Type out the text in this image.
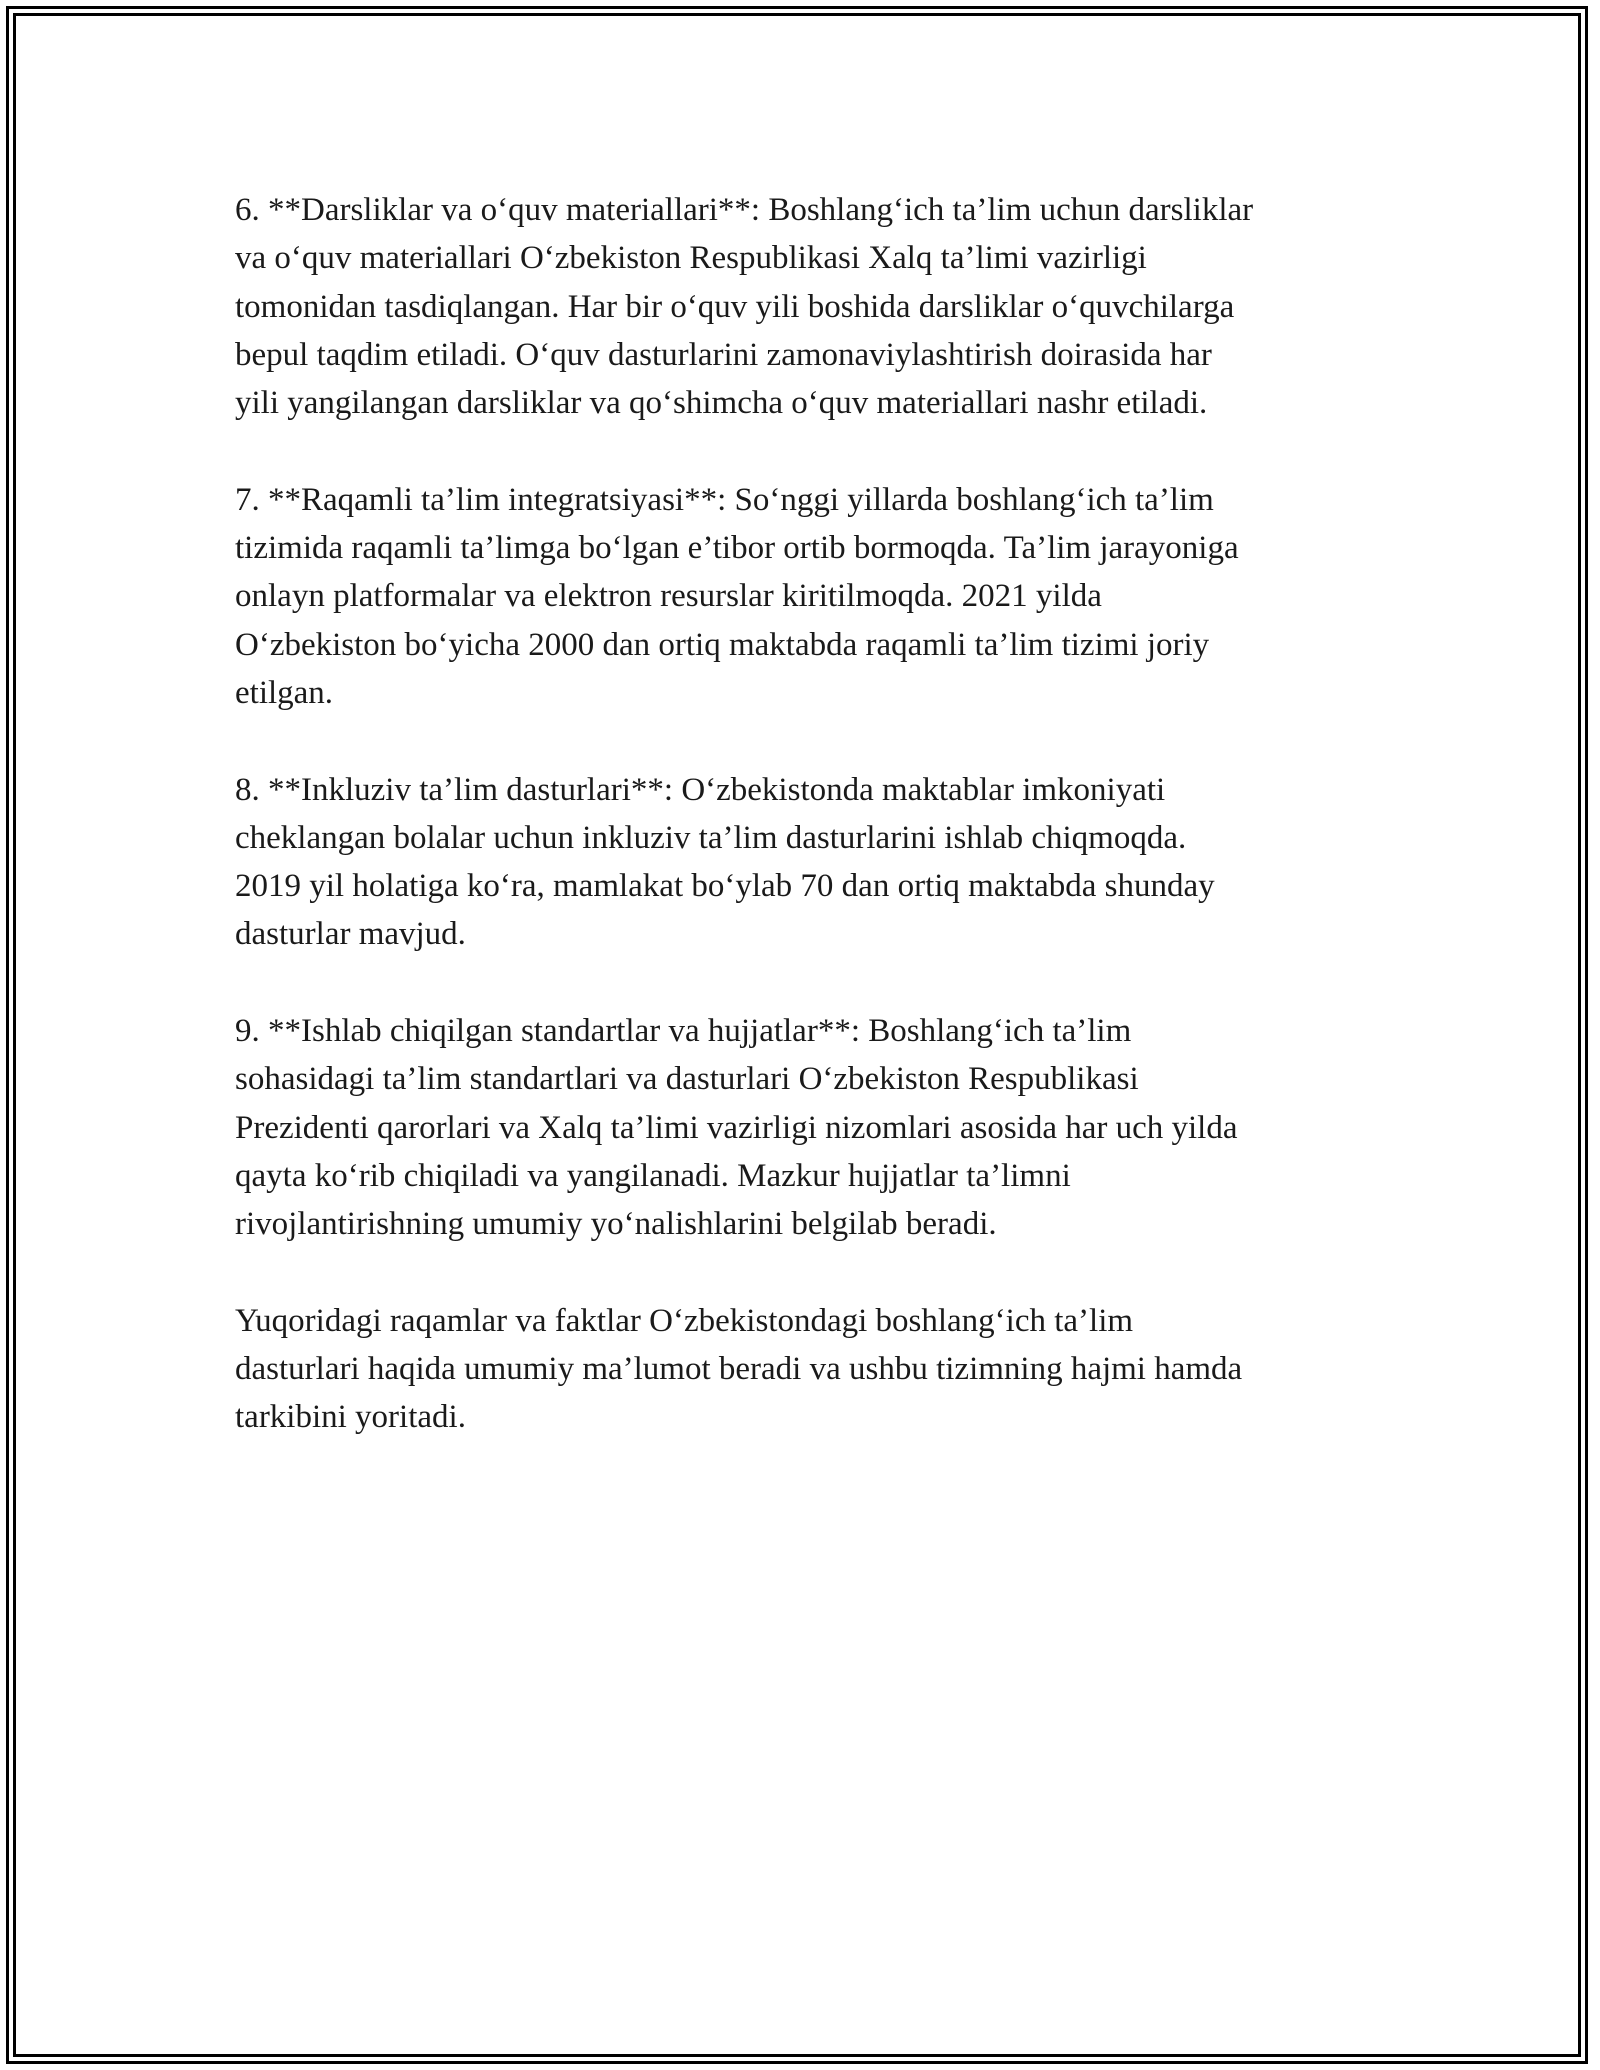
6. **Darsliklar va o‘quv materiallari**: Boshlang‘ich ta’lim uchun darsliklar
va o‘quv materiallari O‘zbekiston Respublikasi Xalq ta’limi vazirligi
tomonidan tasdiqlangan. Har bir o‘quv yili boshida darsliklar o‘quvchilarga
bepul taqdim etiladi. O‘quv dasturlarini zamonaviylashtirish doirasida har
yili yangilangan darsliklar va qo‘shimcha o‘quv materiallari nashr etiladi.

7. **Raqamli ta’lim integratsiyasi**: So‘nggi yillarda boshlang‘ich ta’lim
tizimida raqamli ta’limga bo‘lgan e’tibor ortib bormoqda. Ta’lim jarayoniga
onlayn platformalar va elektron resurslar kiritilmoqda. 2021 yilda
O‘zbekiston bo‘yicha 2000 dan ortiq maktabda raqamli ta’lim tizimi joriy
etilgan.

8. **Inkluziv ta’lim dasturlari**: O‘zbekistonda maktablar imkoniyati
cheklangan bolalar uchun inkluziv ta’lim dasturlarini ishlab chiqmoqda.
2019 yil holatiga ko‘ra, mamlakat bo‘ylab 70 dan ortiq maktabda shunday
dasturlar mavjud.

9. **Ishlab chiqilgan standartlar va hujjatlar**: Boshlang‘ich ta’lim
sohasidagi ta’lim standartlari va dasturlari O‘zbekiston Respublikasi
Prezidenti qarorlari va Xalq ta’limi vazirligi nizomlari asosida har uch yilda
qayta ko‘rib chiqiladi va yangilanadi. Mazkur hujjatlar ta’limni
rivojlantirishning umumiy yo‘nalishlarini belgilab beradi.

Yuqoridagi raqamlar va faktlar O‘zbekistondagi boshlang‘ich ta’lim
dasturlari haqida umumiy ma’lumot beradi va ushbu tizimning hajmi hamda
tarkibini yoritadi.
